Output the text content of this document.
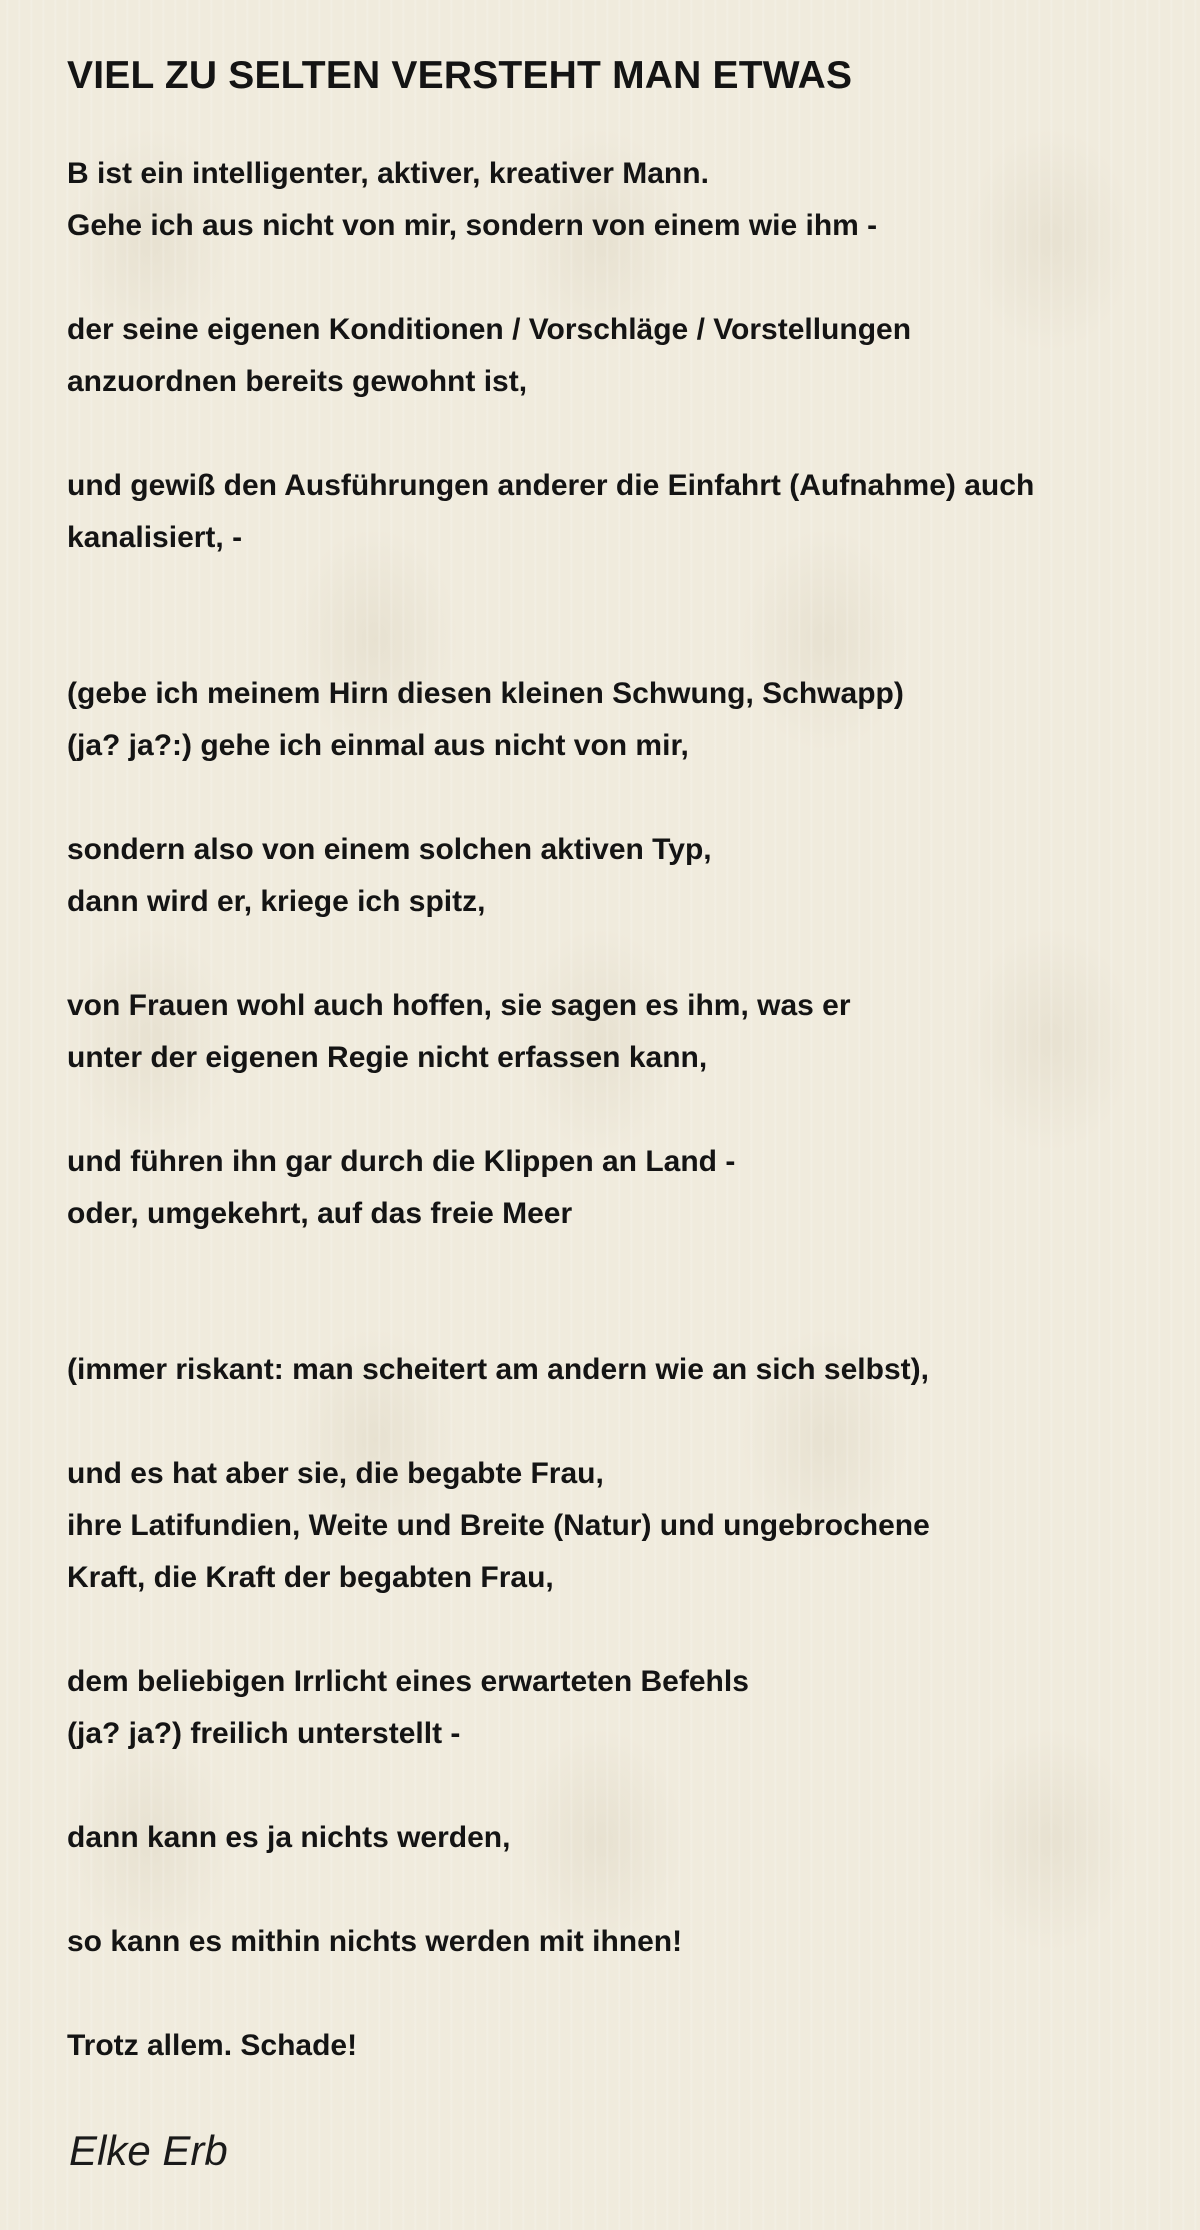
VIEL ZU SELTEN VERSTEHT MAN ETWAS
B ist ein intelligenter, aktiver, kreativer Mann.
Gehe ich aus nicht von mir, sondern von einem wie ihm -
der seine eigenen Konditionen / Vorschläge / Vorstellungen
anzuordnen bereits gewohnt ist,
und gewiß den Ausführungen anderer die Einfahrt (Aufnahme) auch
kanalisiert, -
(gebe ich meinem Hirn diesen kleinen Schwung, Schwapp)
(ja? ja?:) gehe ich einmal aus nicht von mir,
sondern also von einem solchen aktiven Typ,
dann wird er, kriege ich spitz,
von Frauen wohl auch hoffen, sie sagen es ihm, was er
unter der eigenen Regie nicht erfassen kann,
und führen ihn gar durch die Klippen an Land -
oder, umgekehrt, auf das freie Meer
(immer riskant: man scheitert am andern wie an sich selbst),
und es hat aber sie, die begabte Frau,
ihre Latifundien, Weite und Breite (Natur) und ungebrochene
Kraft, die Kraft der begabten Frau,
dem beliebigen Irrlicht eines erwarteten Befehls
(ja? ja?) freilich unterstellt -
dann kann es ja nichts werden,
so kann es mithin nichts werden mit ihnen!
Trotz allem. Schade!

Elke Erb
